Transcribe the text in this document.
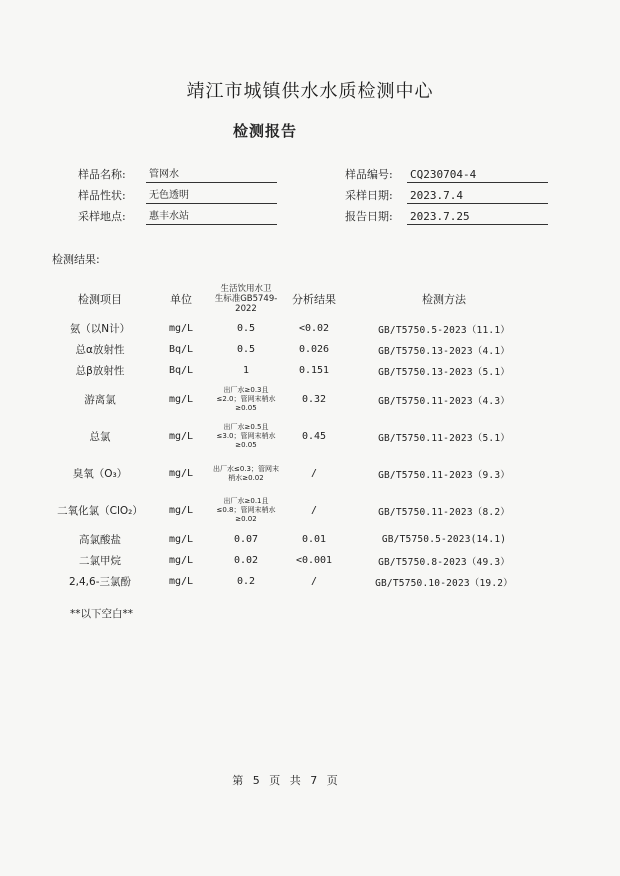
靖江市城镇供水水质检测中心
检测报告
样品名称:	管网水
样品性状:	无色透明
采样地点:	惠丰水站
样品编号: CQ230704-4
采样日期: 2023.7.4
报告日期: 2023.7.25
检测结果:
检测项目	单位	生活饮用水卫
生标准GB5749-
2022	分析结果	检测方法
氨（以N计）	mg/L	0.5	<0.02	GB/T5750.5-2023（11.1）
总α放射性	Bq/L	0.5	0.026	GB/T5750.13-2023（4.1）
总β放射性	Bq/L	1	0.151	GB/T5750.13-2023（5.1）
游离氯	mg/L	出厂水≥0.3且≤2.0；管网末梢水≥0.05	0.32	GB/T5750.11-2023（4.3）
总氯	mg/L	出厂水≥0.5且≤3.0；管网末梢水≥0.05	0.45	GB/T5750.11-2023（5.1）
臭氧（O₃）	mg/L	出厂水≤0.3；管网末梢水≥0.02	/	GB/T5750.11-2023（9.3）
二氧化氯（ClO₂）	mg/L	出厂水≥0.1且≤0.8；管网末梢水≥0.02	/	GB/T5750.11-2023（8.2）
高氯酸盐	mg/L	0.07	0.01	GB/T5750.5-2023(14.1)
二氯甲烷	mg/L	0.02	<0.001	GB/T5750.8-2023（49.3）
2,4,6-三氯酚	mg/L	0.2	/	GB/T5750.10-2023（19.2）
**以下空白**
第 5 页 共 7 页
